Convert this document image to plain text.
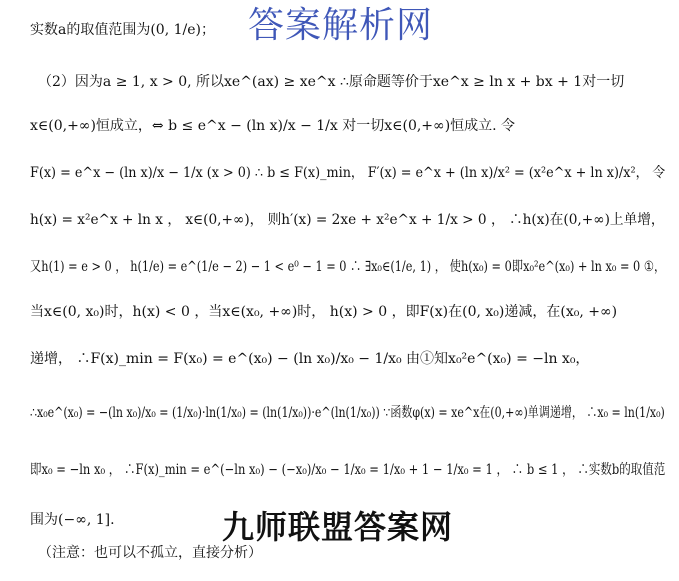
实数a的取值范围为(0, 1/e)；
（2）因为a ≥ 1, x > 0, 所以xe^(ax) ≥ xe^x ∴原命题等价于xe^x ≥ ln x + bx + 1对一切
x∈(0,+∞)恒成立，⇔ b ≤ e^x − (ln x)/x − 1/x 对一切x∈(0,+∞)恒成立. 令
F(x) = e^x − (ln x)/x − 1/x (x > 0) ∴ b ≤ F(x)_min， F′(x) = e^x + (ln x)/x² = (x²e^x + ln x)/x²， 令
h(x) = x²e^x + ln x ， x∈(0,+∞)， 则h′(x) = 2xe + x²e^x + 1/x > 0 ， ∴h(x)在(0,+∞)上单增，
又h(1) = e > 0 ， h(1/e) = e^(1/e − 2) − 1 < e⁰ − 1 = 0 ∴ ∃x₀∈(1/e, 1) ， 使h(x₀) = 0即x₀²e^(x₀) + ln x₀ = 0 ①，
当x∈(0, x₀)时，h(x) < 0 ，当x∈(x₀, +∞)时， h(x) > 0 ，即F(x)在(0, x₀)递减，在(x₀, +∞)
递增， ∴F(x)_min = F(x₀) = e^(x₀) − (ln x₀)/x₀ − 1/x₀ 由①知x₀²e^(x₀) = −ln x₀，
∴x₀e^(x₀) = −(ln x₀)/x₀ = (1/x₀)·ln(1/x₀) = (ln(1/x₀))·e^(ln(1/x₀)) ∵函数φ(x) = xe^x在(0,+∞)单调递增， ∴x₀ = ln(1/x₀)
即x₀ = −ln x₀ ， ∴F(x)_min = e^(−ln x₀) − (−x₀)/x₀ − 1/x₀ = 1/x₀ + 1 − 1/x₀ = 1 ， ∴ b ≤ 1 ， ∴实数b的取值范
围为(−∞, 1].
（注意：也可以不孤立，直接分析）
答案解析网
九师联盟答案网
